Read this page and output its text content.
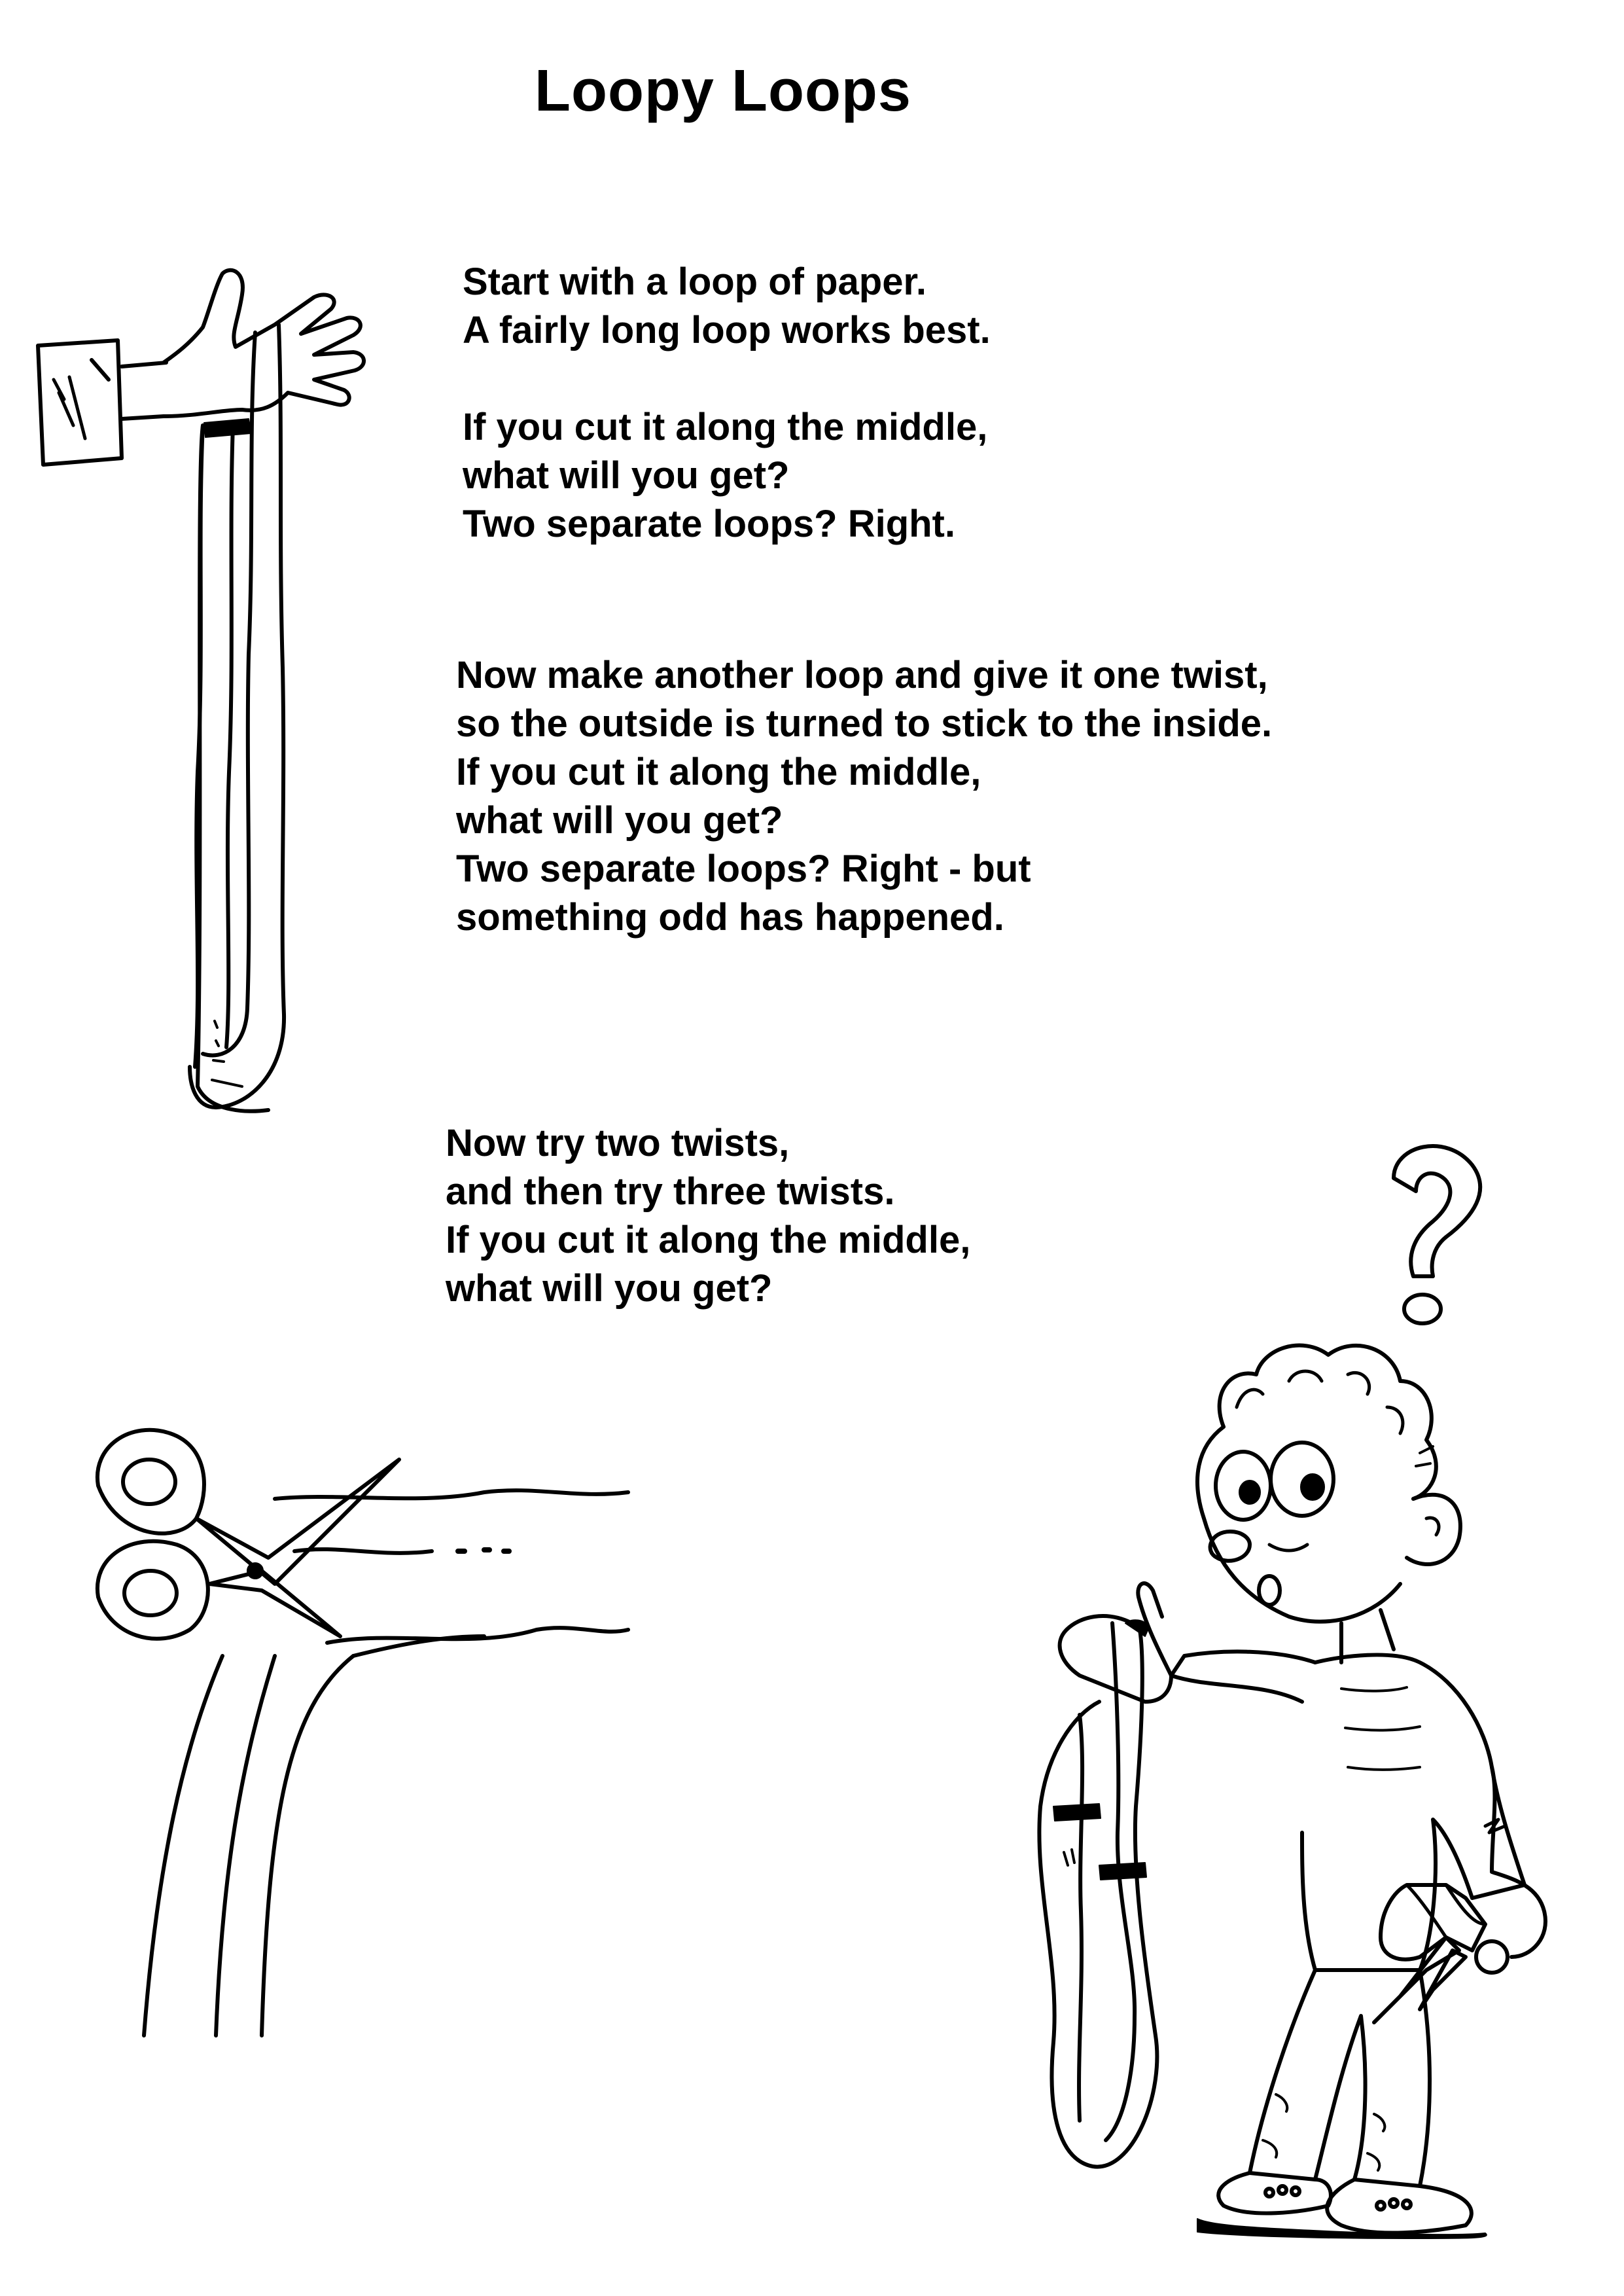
Loopy Loops
Start with a loop of paper.
A fairly long loop works best.
If you cut it along the middle,
what will you get?
Two separate loops? Right.
Now make another loop and give it one twist,
so the outside is turned to stick to the inside.
If you cut it along the middle,
what will you get?
Two separate loops? Right - but
something odd has happened.
Now try two twists,
and then try three twists.
If you cut it along the middle,
what will you get?
